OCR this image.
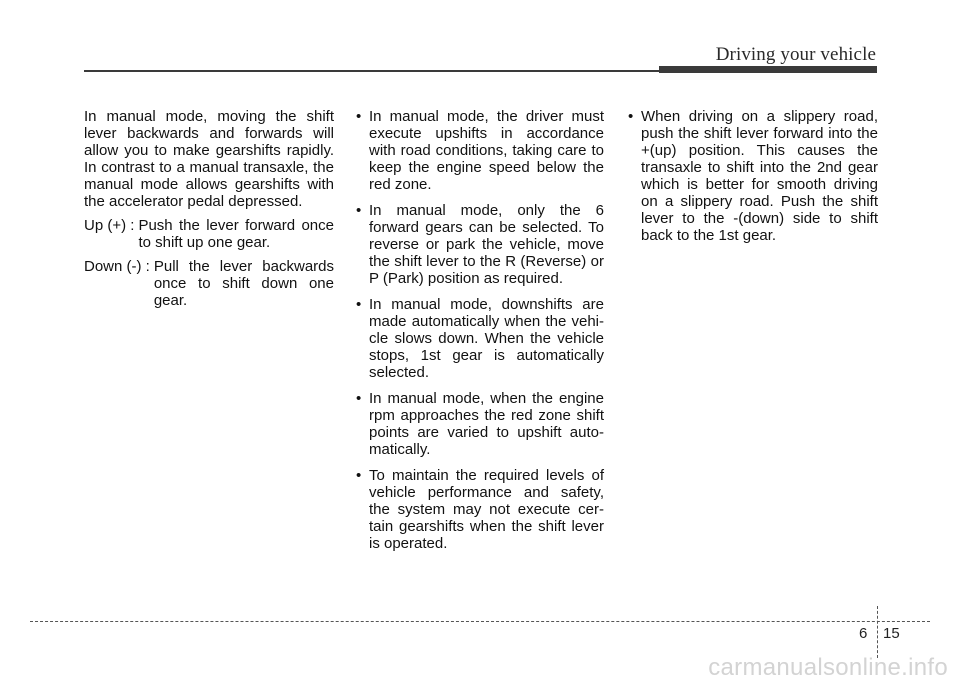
Driving your vehicle

In manual mode, moving the shift lever backwards and forwards will allow you to make gearshifts rapidly. In contrast to a manual transaxle, the manual mode allows gearshifts with the accelerator pedal depressed.

Up (+) : Push the lever forward once to shift up one gear.
Down (-) : Pull the lever backwards once to shift down one gear.
• In manual mode, the driver must execute upshifts in accordance with road conditions, taking care to keep the engine speed below the red zone.
• In manual mode, only the 6 forward gears can be selected. To reverse or park the vehicle, move the shift lever to the R (Reverse) or P (Park) position as required.
• In manual mode, downshifts are made automatically when the vehi- cle slows down. When the vehicle stops, 1st gear is automatically selected.
• In manual mode, when the engine rpm approaches the red zone shift points are varied to upshift auto- matically.
• To maintain the required levels of vehicle performance and safety, the system may not execute cer- tain gearshifts when the shift lever is operated.
• When driving on a slippery road, push the shift lever forward into the +(up) position. This causes the transaxle to shift into the 2nd gear which is better for smooth driving on a slippery road. Push the shift lever to the -(down) side to shift back to the 1st gear.
6 15
carmanualsonline.info
